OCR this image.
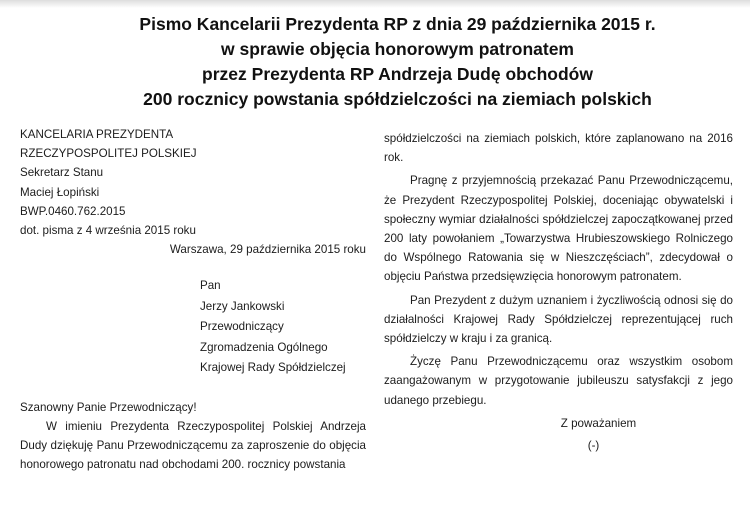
Pismo Kancelarii Prezydenta RP z dnia 29 października 2015 r.
w sprawie objęcia honorowym patronatem
przez Prezydenta RP Andrzeja Dudę obchodów
200 rocznicy powstania spółdzielczości na ziemiach polskich
KANCELARIA PREZYDENTA
RZECZYPOSPOLITEJ POLSKIEJ
Sekretarz Stanu
Maciej Łopiński
BWP.0460.762.2015
dot. pisma z 4 września 2015 roku
Warszawa, 29 października 2015 roku
Pan
Jerzy Jankowski
Przewodniczący
Zgromadzenia Ogólnego
Krajowej Rady Spółdzielczej
Szanowny Panie Przewodniczący!
W imieniu Prezydenta Rzeczypospolitej Polskiej Andrzeja Dudy dziękuję Panu Przewodniczącemu za zaproszenie do objęcia honorowego patronatu nad obchodami 200. rocznicy powstania
spółdzielczości na ziemiach polskich, które zaplanowano na 2016 rok.
Pragnę z przyjemnością przekazać Panu Przewodniczącemu, że Prezydent Rzeczypospolitej Polskiej, doceniając obywatelski i społeczny wymiar działalności spółdzielczej zapoczątkowanej przed 200 laty powołaniem „Towarzystwa Hrubieszowskiego Rolniczego do Wspólnego Ratowania się w Nieszczęściach”, zdecydował o objęciu Państwa przedsięwzięcia honorowym patronatem.
Pan Prezydent z dużym uznaniem i życzliwością odnosi się do działalności Krajowej Rady Spółdzielczej reprezentującej ruch spółdzielczy w kraju i za granicą.
Życzę Panu Przewodniczącemu oraz wszystkim osobom zaangażowanym w przygotowanie jubileuszu satysfakcji z jego udanego przebiegu.
Z poważaniem
(-)
